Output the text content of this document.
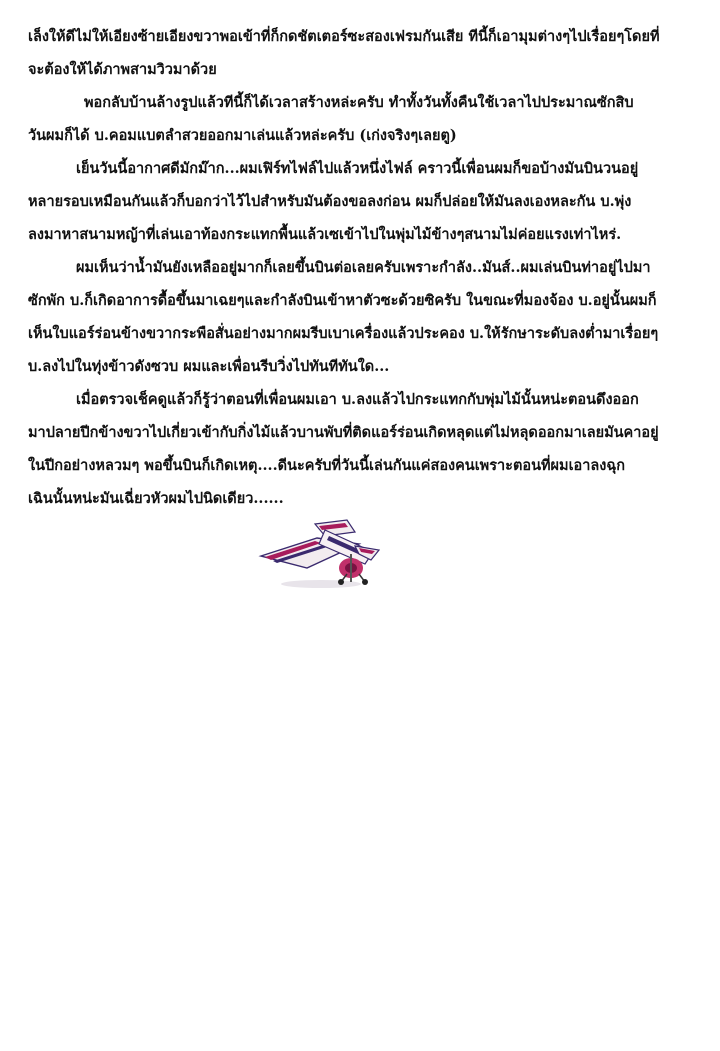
เล็งให้ดีไม่ให้เอียงซ้ายเอียงขวาพอเข้าที่ก็กดชัตเตอร์ซะสองเฟรมกันเสีย ทีนี้ก็เอามุมต่างๆไปเรื่อยๆโดยที่
จะต้องให้ได้ภาพสามวิวมาด้วย
พอกลับบ้านล้างรูปแล้วทีนี้ก็ได้เวลาสร้างหล่ะครับ ทำทั้งวันทั้งคืนใช้เวลาไปประมาณซักสิบ
วันผมก็ได้ บ.คอมแบตลำสวยออกมาเล่นแล้วหล่ะครับ (เก่งจริงๆเลยตู)
เย็นวันนี้อากาศดีมักม๊าก...ผมเฟิร์ทไฟล์ไปแล้วหนึ่งไฟล์ คราวนี้เพื่อนผมก็ขอบ้างมันบินวนอยู่
หลายรอบเหมือนกันแล้วก็บอกว่าไว้ไปสำหรับมันต้องขอลงก่อน ผมก็ปล่อยให้มันลงเองหละกัน บ.พุ่ง
ลงมาหาสนามหญ้าที่เล่นเอาท้องกระแทกพื้นแล้วเซเข้าไปในพุ่มไม้ข้างๆสนามไม่ค่อยแรงเท่าไหร่.
ผมเห็นว่าน้ำมันยังเหลืออยู่มากก็เลยขึ้นบินต่อเลยครับเพราะกำลัง..มันส์..ผมเล่นบินท่าอยู่ไปมา
ซักพัก บ.ก็เกิดอาการดื้อขึ้นมาเฉยๆและกำลังบินเข้าหาตัวซะด้วยซิครับ ในขณะที่มองจ้อง บ.อยู่นั้นผมก็
เห็นใบแอร์ร่อนข้างขวากระพือสั่นอย่างมากผมรีบเบาเครื่องแล้วประคอง บ.ให้รักษาระดับลงต่ำมาเรื่อยๆ
บ.ลงไปในทุ่งข้าวดังซวบ ผมและเพื่อนรีบวิ่งไปทันทีทันใด...
เมื่อตรวจเช็คดูแล้วก็รู้ว่าตอนที่เพื่อนผมเอา บ.ลงแล้วไปกระแทกกับพุ่มไม้นั้นหน่ะตอนดึงออก
มาปลายปีกข้างขวาไปเกี่ยวเข้ากับกิ่งไม้แล้วบานพับที่ติดแอร์ร่อนเกิดหลุดแต่ไม่หลุดออกมาเลยมันคาอยู่
ในปีกอย่างหลวมๆ พอขึ้นบินก็เกิดเหตุ....ดีนะครับที่วันนี้เล่นกันแค่สองคนเพราะตอนที่ผมเอาลงฉุก
เฉินนั้นหน่ะมันเฉี่ยวหัวผมไปนิดเดียว......
